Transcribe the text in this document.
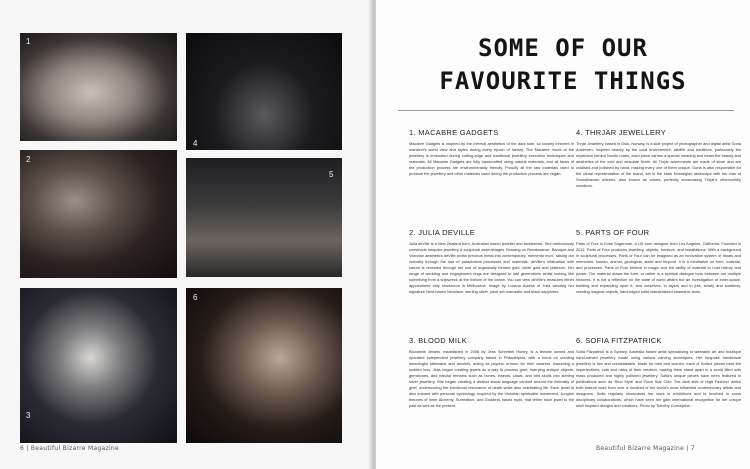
1
4
2
5
3
6
6 | Beautiful Bizarre Magazine
SOME OF OUR
FAVOURITE THINGS
1. MACABRE GADGETS

Macabre Gadgets is inspired by the infernal aesthetics of the dark side, so closely inherent in mankind's world view and styles during every epoch of history. The Macabre mood of the jewellery is embodied during cutting-edge and traditional jewellery execution techniques and materials. All Macabre Gadgets are fully handcrafted using natural materials, and all faces of the production process are environmentally friendly. Proudly all the raw materials used to produce the jewellery and other materials used during the production process are vegan.

2. JULIA DEVILLE

Julia deVille is a New Zealand born, Australian based jeweller and taxidermist. She meticulously constructs bespoke jewellery & sculptural assemblages. Drawing on Renaissance, Baroque and Victorian aesthetics deVille works precious metal into contemporary 'memento mori', raising our curiosity through the use of paradoxical processes and materials. deVille's infatuation with nature is revealed through her use of organically formed gold, white gold and platinum. Her range of wedding and engagement rings are designed to last generations whilst looking like something from a shipwreck at the bottom of the ocean. You can view deVille's treasures either appointment only showroom in Melbourne. Image by Lucena Adams of Julia wearing her signature Nest-haven Necklace: sterling silver, pavé set marcasite and black sapphires.

3. BLOOD MILK

Bloodmilk Jewels, established in 2008 by Jess Schreibel Hurley, is a female owned and operated independent jewellery company based in Philadelphia, with a focus on creating meaningful talismans and amulets, acting as psychic armour for their wearers. Assuming a sudden loss, Jess began creating jewels as a way to process grief, marrying antique objects, gemstones, and natural remains such as bones, insects, claws, and bird skulls into sterling silver jewellery. She began creating a distinct visual language centred around the liminality of grief, underscoring the emotional resonance of death while also celebrating life. Each jewel is also imbued with personal symbology, inspired by the Victorian spiritualist movement, Jungian theories of inner Alchemy, Surrealism, and Goddess based myth, that tether each jewel to the past as well as the present.

4. THRJAR JEWELLERY

Thrjár Jewellery, based in Oslo, Norway, is a side project of photographer and digital artist Gorla Andersen. Inspired heavily by the local environment, wildlife and traditions, particularly the mysticism behind Nordic runes, each piece carries a special meaning and bears the beauty and aesthetics of the cold and desolate North. All Thrjár adornments are made of silver and are oxidised and polished by hand, making every one of them unique. Gorla is also responsible for the visual representation of the brand, set in the stark Norwegian landscape with her clan of Scandinavian witches, also known as voices, perfectly showcasing Thrjár's otherworldly creations.

5. PARTS OF FOUR

Parts of Four is Evan Sugerman, a US born designer from Los Angeles, California. Founded in 2011, Parts of Four produces jewellery, objects, furniture, and installations. With a background in sculptural processes, Parts of Four can be imagined as an innovation system of rituals and memories: human, animal, geological, static and beyond. It is a meditation on form, material, and processes. Parts of Four believe in magic and the ability of material to hold history and power. The material draws the form, or rather is a spiritual dialogue born between our multiple histories. It is not a reflection on the state of world affairs but an investigation of inner-space, building and expanding upon it, and ourselves, in layers and in juts, slowly and suddenly, creating magical objects, hard-edged solid industrialized shamanic-tools.

6. SOFIA FITZPATRICK

Sofia Fitzpatrick is a Sydney, Australia based artist specialising in wearable art and boutique hand-carved jewellery made using various carving techniques. Her bespoke handmade jewellery is hex and unmistakable. Made for men and women, each of Sofia's pieces bear the imperfections, cuts and nicks of their creation, making them stand apart in a world filled with mass produced and highly polished jewellery. Sofia's unique pieces have been featured in publications such as 'Stud Style' and 'Rock Star Chic: The dark side of High Fashion' which both feature work from over a hundred of the world's most influential contemporary artists and designers. Sofia regularly showcases her work in exhibitions and is involved in cross disciplinary collaborations, which have seen her gain international recognition for her unique skull inspired designs and creations. Photo by Timothy Conception

Beautiful Bizarre Magazine | 7
